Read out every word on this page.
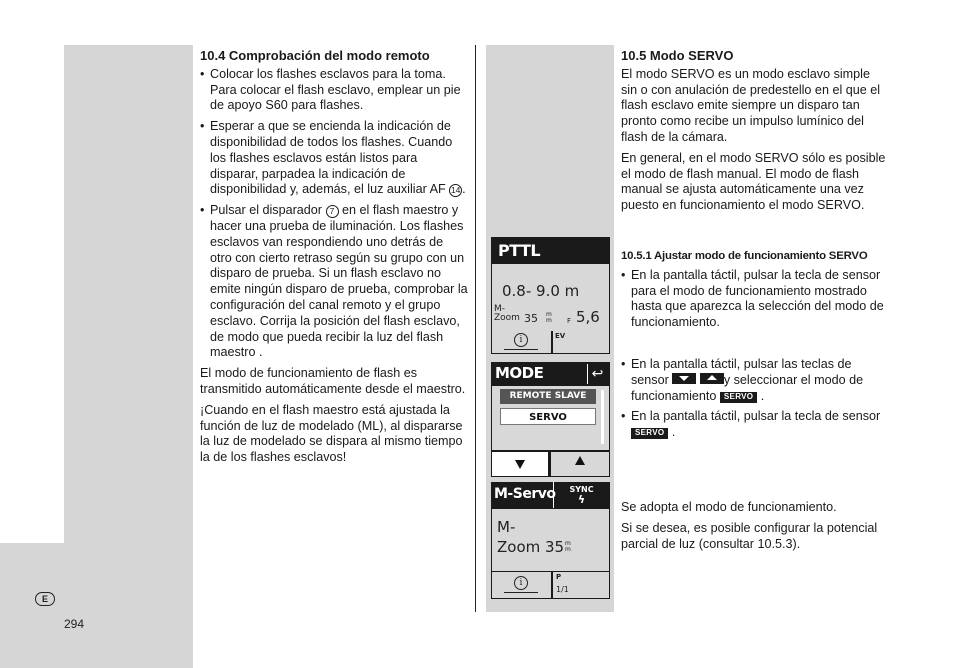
10.4 Comprobación del modo remoto
• Colocar los flashes esclavos para la toma. Para colocar el flash esclavo, emplear un pie de apoyo S60 para flashes.
• Esperar a que se encienda la indicación de disponibilidad de todos los flashes. Cuando los flashes esclavos están listos para disparar, parpadea la indicación de disponibilidad y, además, el luz auxiliar AF 14 .
• Pulsar el disparador 7 en el flash maestro y hacer una prueba de iluminación. Los flashes esclavos van respondiendo uno detrás de otro con cierto retraso según su grupo con un disparo de prueba. Si un flash esclavo no emite ningún disparo de prueba, comprobar la configuración del canal remoto y el grupo esclavo. Corrija la posición del flash esclavo, de modo que pueda recibir la luz del flash maestro .

El modo de funcionamiento de flash es transmitido automáticamente desde el maestro.

¡Cuando en el flash maestro está ajustada la función de luz de modelado (ML), al dispararse la luz de modelado se dispara al mismo tiempo la de los flashes esclavos!

10.5 Modo SERVO

El modo SERVO es un modo esclavo simple sin o con anulación de predestello en el que el flash esclavo emite siempre un disparo tan pronto como recibe un impulso lumínico del flash de la cámara.

En general, en el modo SERVO sólo es posible el modo de flash manual. El modo de flash manual se ajusta automáticamente una vez puesto en funcionamiento el modo SERVO.

10.5.1 Ajustar modo de funcionamiento SERVO
• En la pantalla táctil, pulsar la tecla de sensor para el modo de funcionamiento mostrado hasta que aparezca la selección del modo de funcionamiento.
• En la pantalla táctil, pulsar las teclas de sensor
	y seleccionar el modo de funcionamiento SERVO .
• En la pantalla táctil, pulsar la tecla de sensor SERVO .

Se adopta el modo de funcionamiento.

Si se desea, es posible configurar la potencial parcial de luz (consultar 10.5.3).

PTTL
0.8- 9.0 m
M-
Zoom 35 m
m F 5,6
i	EV
MODE	↩
REMOTE SLAVE
SERVO
M-Servo	SYNC
ϟ
M-
Zoom 35 m
m
i
P
1/1
E
294
